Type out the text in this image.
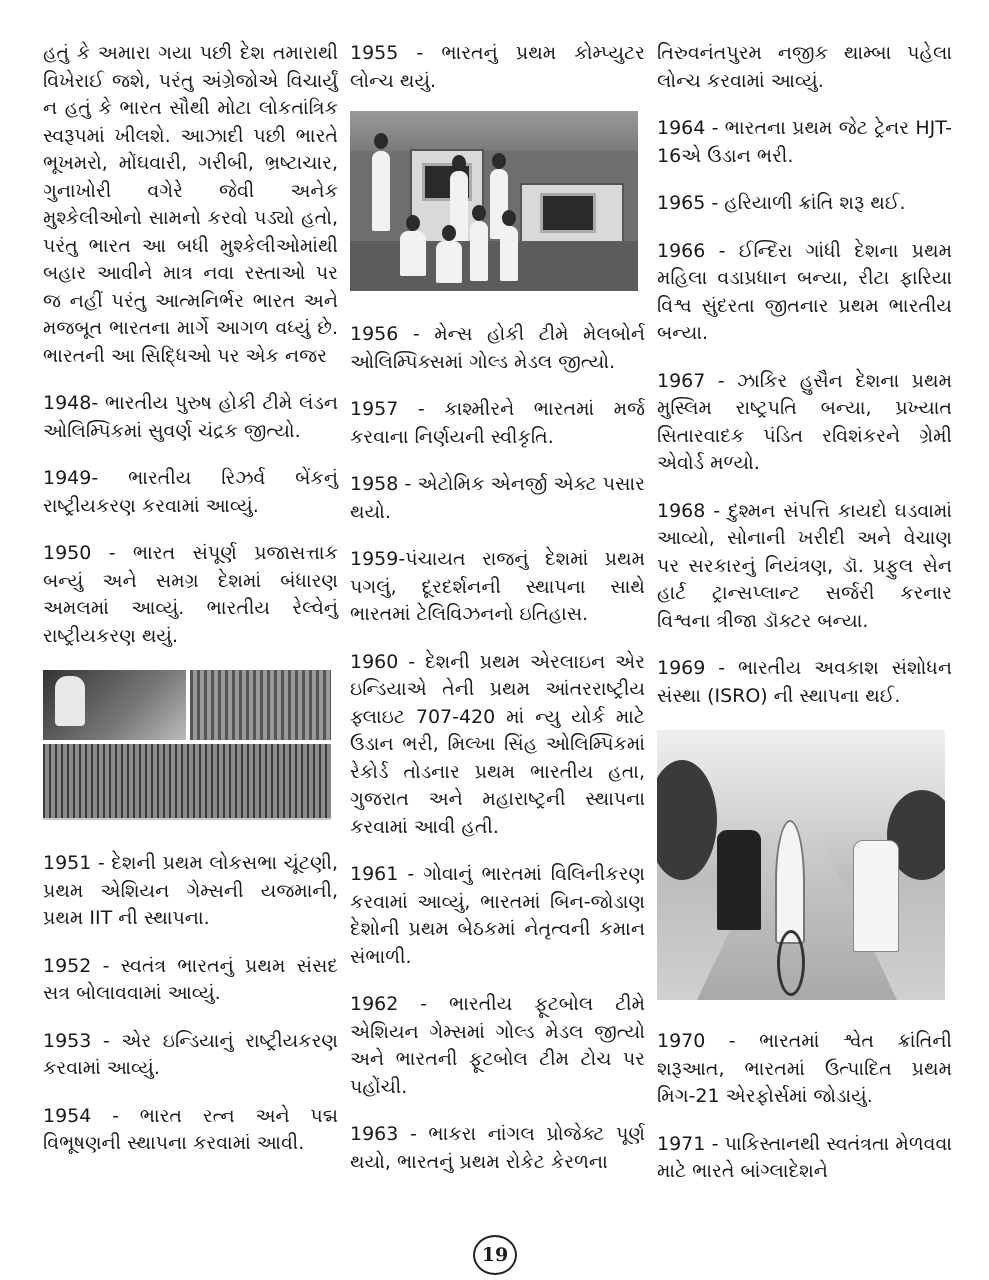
હતું કે અમારા ગયા પછી દેશ તમારાથી વિખેરાઈ જશે, પરંતુ અંગ્રેજોએ વિચાર્યું ન હતું કે ભારત સૌથી મોટા લોકતાંત્રિક સ્વરૂપમાં ખીલશે. આઝાદી પછી ભારતે ભૂખમરો, મોંઘવારી, ગરીબી, ભ્રષ્ટાચાર, ગુનાખોરી વગેરે જેવી અનેક મુશ્કેલીઓનો સામનો કરવો પડ્યો હતો, પરંતુ ભારત આ બધી મુશ્કેલીઓમાંથી બહાર આવીને માત્ર નવા રસ્તાઓ પર જ નહીં પરંતુ આત્મનિર્ભર ભારત અને મજબૂત ભારતના માર્ગે આગળ વધ્યું છે. ભારતની આ સિદ્ધિઓ પર એક નજર

1948- ભારતીય પુરુષ હોકી ટીમે લંડન ઓલિમ્પિકમાં સુવર્ણ ચંદ્રક જીત્યો.

1949- ભારતીય રિઝર્વ બેંકનું રાષ્ટ્રીયકરણ કરવામાં આવ્યું.

1950 - ભારત સંપૂર્ણ પ્રજાસત્તાક બન્યું અને સમગ્ર દેશમાં બંધારણ અમલમાં આવ્યું. ભારતીય રેલ્વેનું રાષ્ટ્રીયકરણ થયું.

1951 - દેશની પ્રથમ લોકસભા ચૂંટણી, પ્રથમ એશિયન ગેમ્સની યજમાની, પ્રથમ IIT ની સ્થાપના.

1952 - સ્વતંત્ર ભારતનું પ્રથમ સંસદ સત્ર બોલાવવામાં આવ્યું.

1953 - એર ઇન્ડિયાનું રાષ્ટ્રીયકરણ કરવામાં આવ્યું.

1954 - ભારત રત્ન અને પદ્મ વિભૂષણની સ્થાપના કરવામાં આવી.

1955 - ભારતનું પ્રથમ કોમ્પ્યુટર લોન્ચ થયું.

1956 - મેન્સ હોકી ટીમે મેલબોર્ન ઓલિમ્પિક્સમાં ગોલ્ડ મેડલ જીત્યો.

1957 - કાશ્મીરને ભારતમાં મર્જ કરવાના નિર્ણયની સ્વીકૃતિ.

1958 - એટોમિક એનર્જી એક્ટ પસાર થયો.

1959-પંચાયત રાજનું દેશમાં પ્રથમ પગલું, દૂરદર્શનની સ્થાપના સાથે ભારતમાં ટેલિવિઝનનો ઇતિહાસ.

1960 - દેશની પ્રથમ એરલાઇન એર ઇન્ડિયાએ તેની પ્રથમ આંતરરાષ્ટ્રીય ફ્લાઇટ 707-420 માં ન્યુ યોર્ક માટે ઉડાન ભરી, મિલ્ખા સિંહ ઓલિમ્પિકમાં રેકોર્ડ તોડનાર પ્રથમ ભારતીય હતા, ગુજરાત અને મહારાષ્ટ્રની સ્થાપના કરવામાં આવી હતી.

1961 - ગોવાનું ભારતમાં વિલિનીકરણ કરવામાં આવ્યું, ભારતમાં બિન-જોડાણ દેશોની પ્રથમ બેઠકમાં નેતૃત્વની કમાન સંભાળી.

1962 - ભારતીય ફૂટબોલ ટીમે એશિયન ગેમ્સમાં ગોલ્ડ મેડલ જીત્યો અને ભારતની ફૂટબોલ ટીમ ટોચ પર પહોંચી.

1963 - ભાકરા નાંગલ પ્રોજેક્ટ પૂર્ણ થયો, ભારતનું પ્રથમ રોકેટ કેરળના

તિરુવનંતપુરમ નજીક થામ્બા પહેલા લોન્ચ કરવામાં આવ્યું.

1964 - ભારતના પ્રથમ જેટ ટ્રેનર HJT-16એ ઉડાન ભરી.

1965 - હરિયાળી ક્રાંતિ શરૂ થઈ.

1966 - ઈન્દિરા ગાંધી દેશના પ્રથમ મહિલા વડાપ્રધાન બન્યા, રીટા ફારિયા વિશ્વ સુંદરતા જીતનાર પ્રથમ ભારતીય બન્યા.

1967 - ઝાકિર હુસૈન દેશના પ્રથમ મુસ્લિમ રાષ્ટ્રપતિ બન્યા, પ્રખ્યાત સિતારવાદક પંડિત રવિશંકરને ગ્રેમી એવોર્ડ મળ્યો.

1968 - દુશ્મન સંપત્તિ કાયદો ઘડવામાં આવ્યો, સોનાની ખરીદી અને વેચાણ પર સરકારનું નિયંત્રણ, ડૉ. પ્રફુલ સેન હાર્ટ ટ્રાન્સપ્લાન્ટ સર્જરી કરનાર વિશ્વના ત્રીજા ડૉક્ટર બન્યા.

1969 - ભારતીય અવકાશ સંશોધન સંસ્થા (ISRO) ની સ્થાપના થઈ.

1970 - ભારતમાં શ્વેત ક્રાંતિની શરૂઆત, ભારતમાં ઉત્પાદિત પ્રથમ મિગ-21 એરફોર્સમાં જોડાયું.

1971 - પાકિસ્તાનથી સ્વતંત્રતા મેળવવા માટે ભારતે બાંગ્લાદેશને

19
